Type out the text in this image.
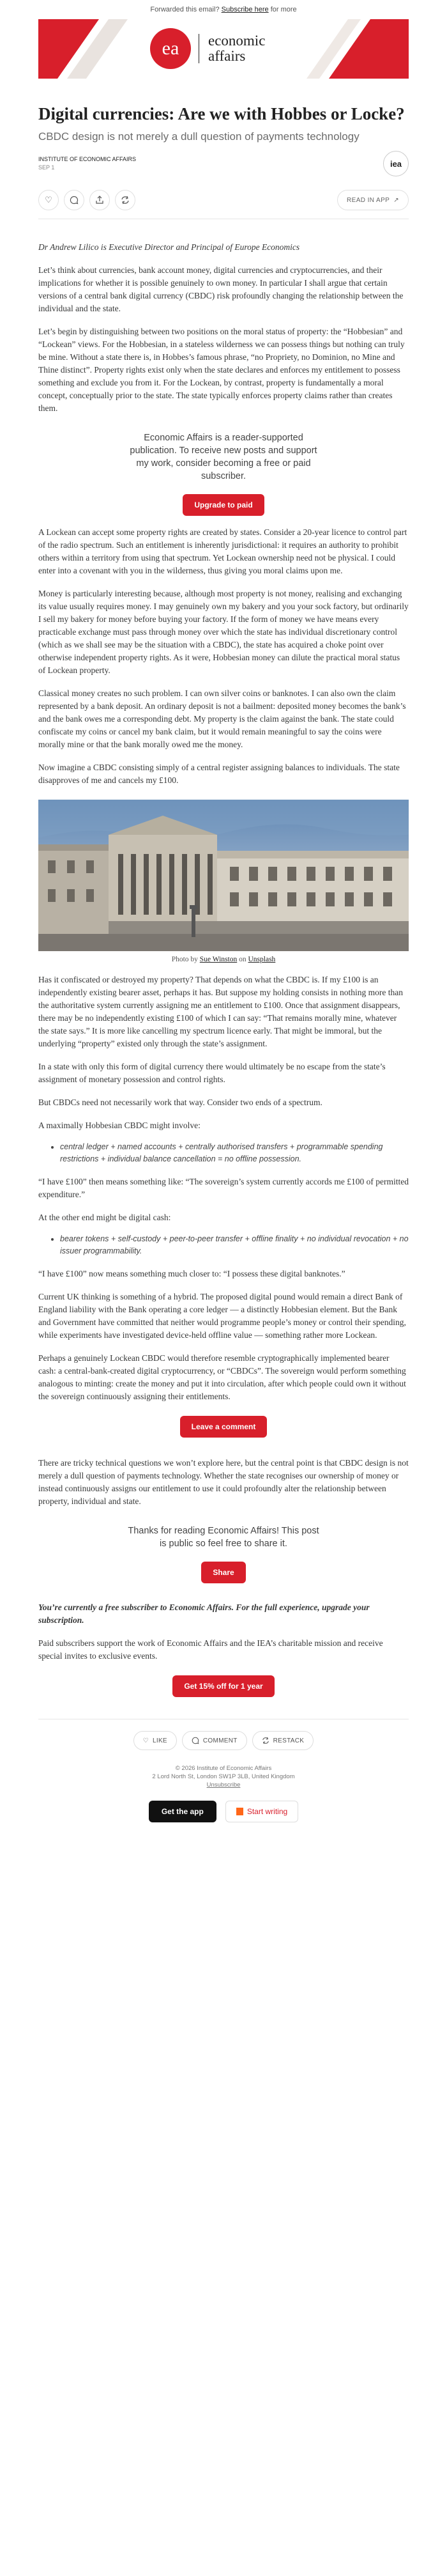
Forwarded this email? Subscribe here for more
ea	economic
affairs
Digital currencies: Are we with Hobbes or Locke?
CBDC design is not merely a dull question of payments technology
INSTITUTE OF ECONOMIC AFFAIRS
SEP 1	iea
♡	READ IN APP ↗

Dr Andrew Lilico is Executive Director and Principal of Europe Economics

Let’s think about currencies, bank account money, digital currencies and cryptocurrencies, and their implications for whether it is possible genuinely to own money. In particular I shall argue that certain versions of a central bank digital currency (CBDC) risk profoundly changing the relationship between the individual and the state.

Let’s begin by distinguishing between two positions on the moral status of property: the “Hobbesian” and “Lockean” views. For the Hobbesian, in a stateless wilderness we can possess things but nothing can truly be mine. Without a state there is, in Hobbes’s famous phrase, “no Propriety, no Dominion, no Mine and Thine distinct”. Property rights exist only when the state declares and enforces my entitlement to possess something and exclude you from it. For the Lockean, by contrast, property is fundamentally a moral concept, conceptually prior to the state. The state typically enforces property claims rather than creates them.

Economic Affairs is a reader-supported publication. To receive new posts and support my work, consider becoming a free or paid subscriber.
Upgrade to paid

A Lockean can accept some property rights are created by states. Consider a 20-year licence to control part of the radio spectrum. Such an entitlement is inherently jurisdictional: it requires an authority to prohibit others within a territory from using that spectrum. Yet Lockean ownership need not be physical. I could enter into a covenant with you in the wilderness, thus giving you moral claims upon me.

Money is particularly interesting because, although most property is not money, realising and exchanging its value usually requires money. I may genuinely own my bakery and you your sock factory, but ordinarily I sell my bakery for money before buying your factory. If the form of money we have means every practicable exchange must pass through money over which the state has individual discretionary control (which as we shall see may be the situation with a CBDC), the state has acquired a choke point over otherwise independent property rights. As it were, Hobbesian money can dilute the practical moral status of Lockean property.

Classical money creates no such problem. I can own silver coins or banknotes. I can also own the claim represented by a bank deposit. An ordinary deposit is not a bailment: deposited money becomes the bank’s and the bank owes me a corresponding debt. My property is the claim against the bank. The state could confiscate my coins or cancel my bank claim, but it would remain meaningful to say the coins were morally mine or that the bank morally owed me the money.

Now imagine a CBDC consisting simply of a central register assigning balances to individuals. The state disapproves of me and cancels my £100.

Photo by Sue Winston on Unsplash

Has it confiscated or destroyed my property? That depends on what the CBDC is. If my £100 is an independently existing bearer asset, perhaps it has. But suppose my holding consists in nothing more than the authoritative system currently assigning me an entitlement to £100. Once that assignment disappears, there may be no independently existing £100 of which I can say: “That remains morally mine, whatever the state says.” It is more like cancelling my spectrum licence early. That might be immoral, but the underlying “property” existed only through the state’s assignment.

In a state with only this form of digital currency there would ultimately be no escape from the state’s assignment of monetary possession and control rights.

But CBDCs need not necessarily work that way. Consider two ends of a spectrum.

A maximally Hobbesian CBDC might involve:

• central ledger + named accounts + centrally authorised transfers + programmable spending restrictions + individual balance cancellation = no offline possession.

“I have £100” then means something like: “The sovereign’s system currently accords me £100 of permitted expenditure.”

At the other end might be digital cash:

• bearer tokens + self-custody + peer-to-peer transfer + offline finality + no individual revocation + no issuer programmability.

“I have £100” now means something much closer to: “I possess these digital banknotes.”

Current UK thinking is something of a hybrid. The proposed digital pound would remain a direct Bank of England liability with the Bank operating a core ledger — a distinctly Hobbesian element. But the Bank and Government have committed that neither would programme people’s money or control their spending, while experiments have investigated device-held offline value — something rather more Lockean.

Perhaps a genuinely Lockean CBDC would therefore resemble cryptographically implemented bearer cash: a central-bank-created digital cryptocurrency, or “CBDCs”. The sovereign would perform something analogous to minting: create the money and put it into circulation, after which people could own it without the sovereign continuously assigning their entitlements.

Leave a comment

There are tricky technical questions we won’t explore here, but the central point is that CBDC design is not merely a dull question of payments technology. Whether the state recognises our ownership of money or instead continuously assigns our entitlement to use it could profoundly alter the relationship between property, individual and state.

Thanks for reading Economic Affairs! This post is public so feel free to share it.
Share

You’re currently a free subscriber to Economic Affairs. For the full experience, upgrade your subscription.

Paid subscribers support the work of Economic Affairs and the IEA’s charitable mission and receive special invites to exclusive events.

Get 15% off for 1 year
♡ LIKE	COMMENT	RESTACK
© 2026 Institute of Economic Affairs
2 Lord North St, London SW1P 3LB, United Kingdom
Unsubscribe
Get the app	Start writing
